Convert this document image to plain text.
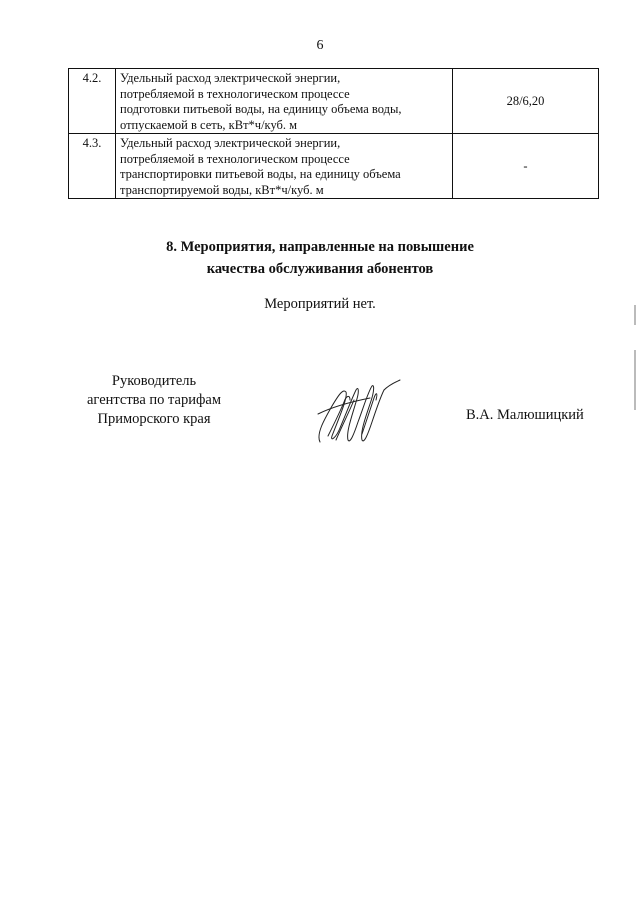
6
4.2.	Удельный расход электрической энергии,
потребляемой в технологическом процессе
подготовки питьевой воды, на единицу объема воды,
отпускаемой в сеть, кВт*ч/куб. м	28/6,20
4.3.	Удельный расход электрической энергии,
потребляемой в технологическом процессе
транспортировки питьевой воды, на единицу объема
транспортируемой воды, кВт*ч/куб. м	-
8. Мероприятия, направленные на повышение
качества обслуживания абонентов
Мероприятий нет.
Руководитель
агентства по тарифам
Приморского края	В.А. Малюшицкий
